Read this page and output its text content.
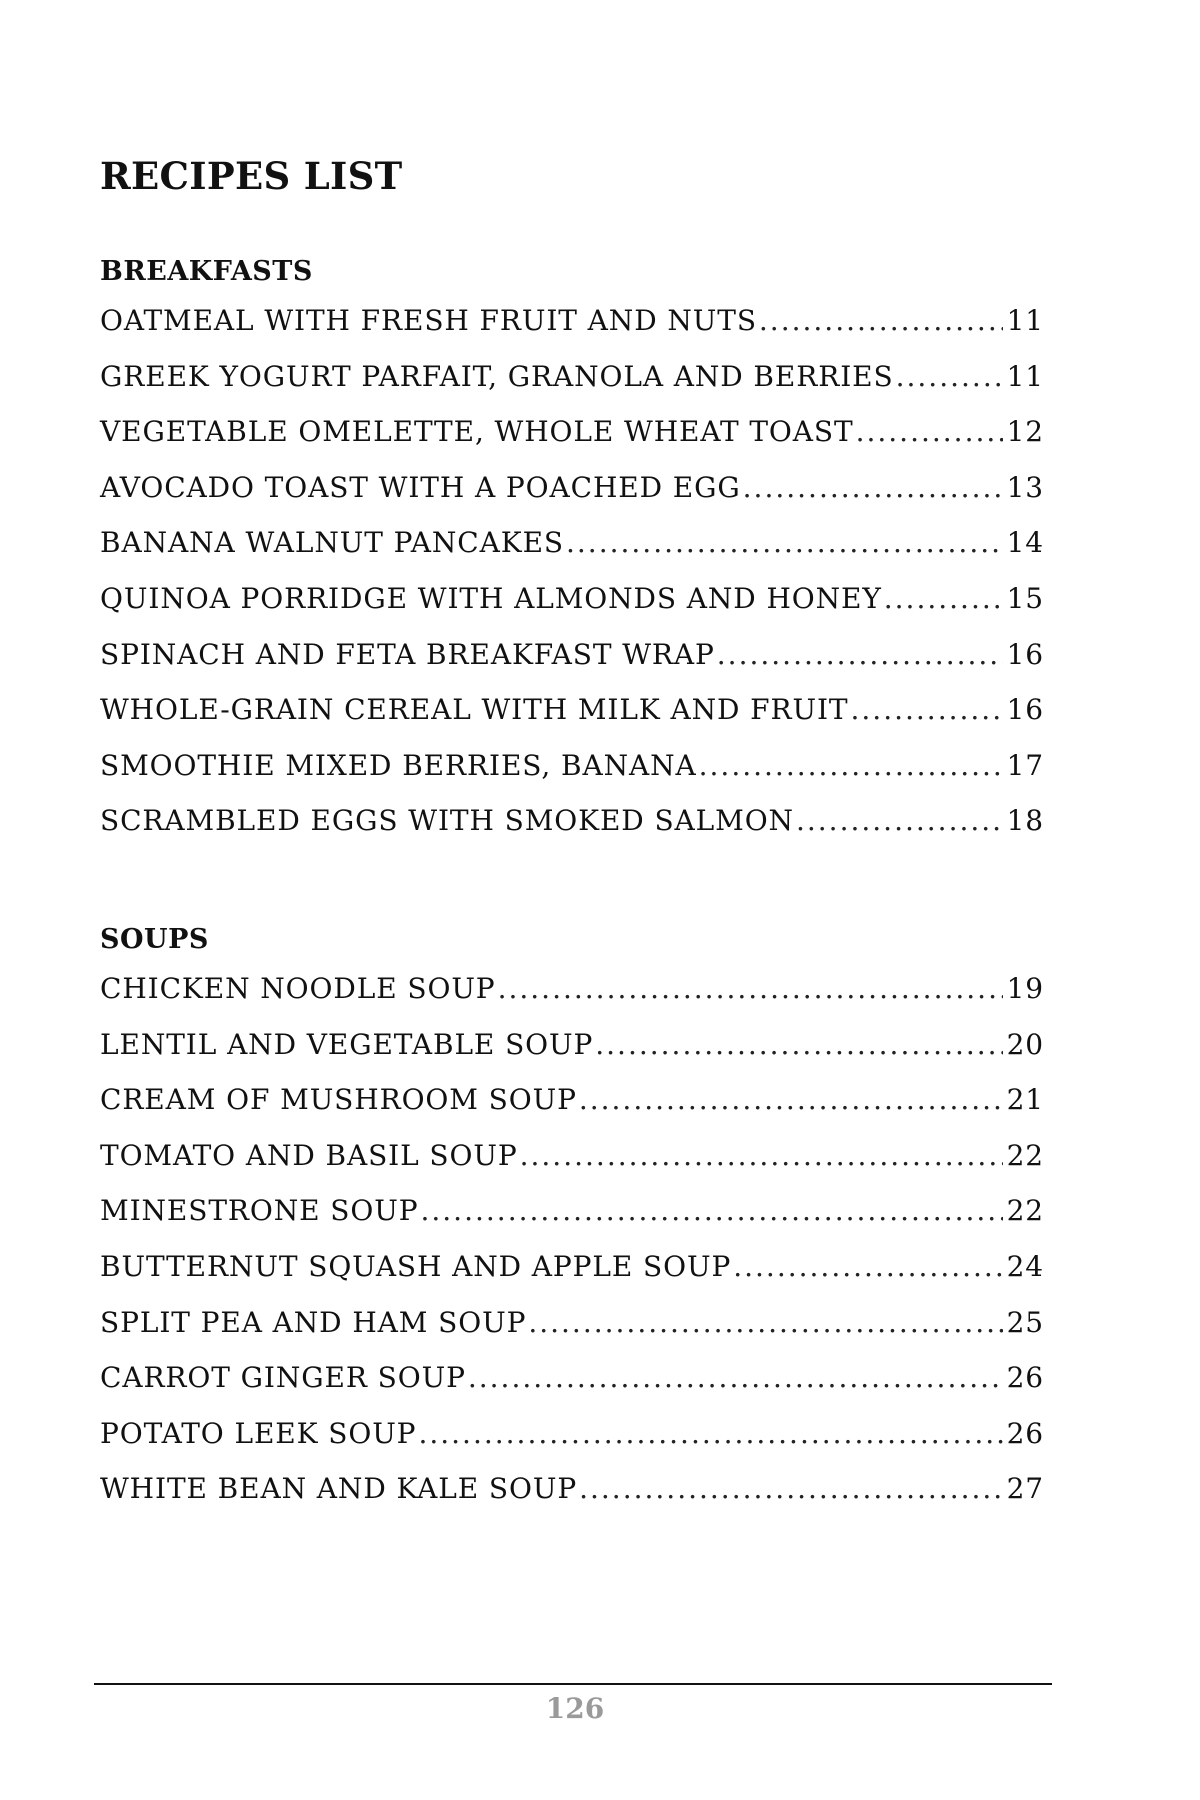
RECIPES LIST
BREAKFASTS
OATMEAL WITH FRESH FRUIT AND NUTS .....	11
GREEK YOGURT PARFAIT, GRANOLA AND BERRIES .....	11
VEGETABLE OMELETTE, WHOLE WHEAT TOAST .....	12
AVOCADO TOAST WITH A POACHED EGG .....	13
BANANA WALNUT PANCAKES .....	14
QUINOA PORRIDGE WITH ALMONDS AND HONEY .....	15
SPINACH AND FETA BREAKFAST WRAP .....	16
WHOLE-GRAIN CEREAL WITH MILK AND FRUIT .....	16
SMOOTHIE MIXED BERRIES, BANANA .....	17
SCRAMBLED EGGS WITH SMOKED SALMON .....	18
SOUPS
CHICKEN NOODLE SOUP .....	19
LENTIL AND VEGETABLE SOUP .....	20
CREAM OF MUSHROOM SOUP .....	21
TOMATO AND BASIL SOUP .....	22
MINESTRONE SOUP .....	22
BUTTERNUT SQUASH AND APPLE SOUP .....	24
SPLIT PEA AND HAM SOUP .....	25
CARROT GINGER SOUP .....	26
POTATO LEEK SOUP .....	26
WHITE BEAN AND KALE SOUP .....	27
126
